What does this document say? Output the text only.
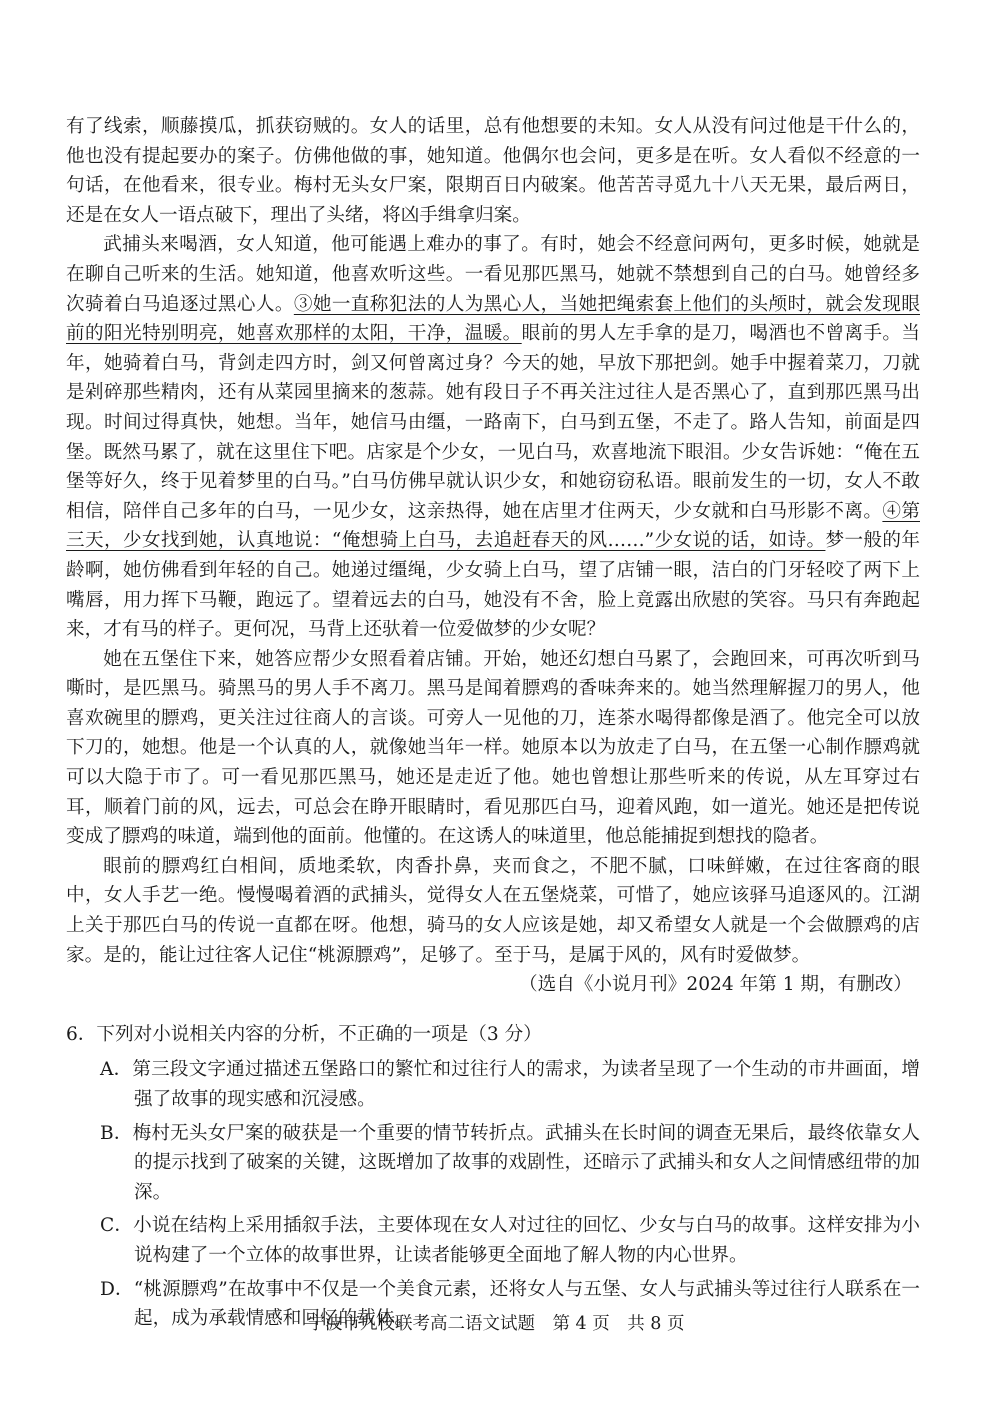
有了线索，顺藤摸瓜，抓获窃贼的。女人的话里，总有他想要的未知。女人从没有问过他是干什么的，他也没有提起要办的案子。仿佛他做的事，她知道。他偶尔也会问，更多是在听。女人看似不经意的一句话，在他看来，很专业。梅村无头女尸案，限期百日内破案。他苦苦寻觅九十八天无果，最后两日，还是在女人一语点破下，理出了头绪，将凶手缉拿归案。

武捕头来喝酒，女人知道，他可能遇上难办的事了。有时，她会不经意问两句，更多时候，她就是在聊自己听来的生活。她知道，他喜欢听这些。一看见那匹黑马，她就不禁想到自己的白马。她曾经多次骑着白马追逐过黑心人。③她一直称犯法的人为黑心人，当她把绳索套上他们的头颅时，就会发现眼前的阳光特别明亮，她喜欢那样的太阳，干净，温暖。眼前的男人左手拿的是刀，喝酒也不曾离手。当年，她骑着白马，背剑走四方时，剑又何曾离过身？今天的她，早放下那把剑。她手中握着菜刀，刀就是剁碎那些精肉，还有从菜园里摘来的葱蒜。她有段日子不再关注过往人是否黑心了，直到那匹黑马出现。时间过得真快，她想。当年，她信马由缰，一路南下，白马到五堡，不走了。路人告知，前面是四堡。既然马累了，就在这里住下吧。店家是个少女，一见白马，欢喜地流下眼泪。少女告诉她：“俺在五堡等好久，终于见着梦里的白马。”白马仿佛早就认识少女，和她窃窃私语。眼前发生的一切，女人不敢相信，陪伴自己多年的白马，一见少女，这亲热得，她在店里才住两天，少女就和白马形影不离。④第三天，少女找到她，认真地说：“俺想骑上白马，去追赶春天的风……”少女说的话，如诗。梦一般的年龄啊，她仿佛看到年轻的自己。她递过缰绳，少女骑上白马，望了店铺一眼，洁白的门牙轻咬了两下上嘴唇，用力挥下马鞭，跑远了。望着远去的白马，她没有不舍，脸上竟露出欣慰的笑容。马只有奔跑起来，才有马的样子。更何况，马背上还驮着一位爱做梦的少女呢？

她在五堡住下来，她答应帮少女照看着店铺。开始，她还幻想白马累了，会跑回来，可再次听到马嘶时，是匹黑马。骑黑马的男人手不离刀。黑马是闻着膘鸡的香味奔来的。她当然理解握刀的男人，他喜欢碗里的膘鸡，更关注过往商人的言谈。可旁人一见他的刀，连茶水喝得都像是酒了。他完全可以放下刀的，她想。他是一个认真的人，就像她当年一样。她原本以为放走了白马，在五堡一心制作膘鸡就可以大隐于市了。可一看见那匹黑马，她还是走近了他。她也曾想让那些听来的传说，从左耳穿过右耳，顺着门前的风，远去，可总会在睁开眼睛时，看见那匹白马，迎着风跑，如一道光。她还是把传说变成了膘鸡的味道，端到他的面前。他懂的。在这诱人的味道里，他总能捕捉到想找的隐者。

眼前的膘鸡红白相间，质地柔软，肉香扑鼻，夹而食之，不肥不腻，口味鲜嫩，在过往客商的眼中，女人手艺一绝。慢慢喝着酒的武捕头，觉得女人在五堡烧菜，可惜了，她应该驿马追逐风的。江湖上关于那匹白马的传说一直都在呀。他想，骑马的女人应该是她，却又希望女人就是一个会做膘鸡的店家。是的，能让过往客人记住“桃源膘鸡”，足够了。至于马，是属于风的，风有时爱做梦。

（选自《小说月刊》2024 年第 1 期，有删改）

6．下列对小说相关内容的分析，不正确的一项是（3 分）

A．第三段文字通过描述五堡路口的繁忙和过往行人的需求，为读者呈现了一个生动的市井画面，增强了故事的现实感和沉浸感。

B．梅村无头女尸案的破获是一个重要的情节转折点。武捕头在长时间的调查无果后，最终依靠女人的提示找到了破案的关键，这既增加了故事的戏剧性，还暗示了武捕头和女人之间情感纽带的加深。

C．小说在结构上采用插叙手法，主要体现在女人对过往的回忆、少女与白马的故事。这样安排为小说构建了一个立体的故事世界，让读者能够更全面地了解人物的内心世界。

D．“桃源膘鸡”在故事中不仅是一个美食元素，还将女人与五堡、女人与武捕头等过往行人联系在一起，成为承载情感和回忆的载体。

宁波市九校联考高二语文试题　第 4 页　共 8 页
